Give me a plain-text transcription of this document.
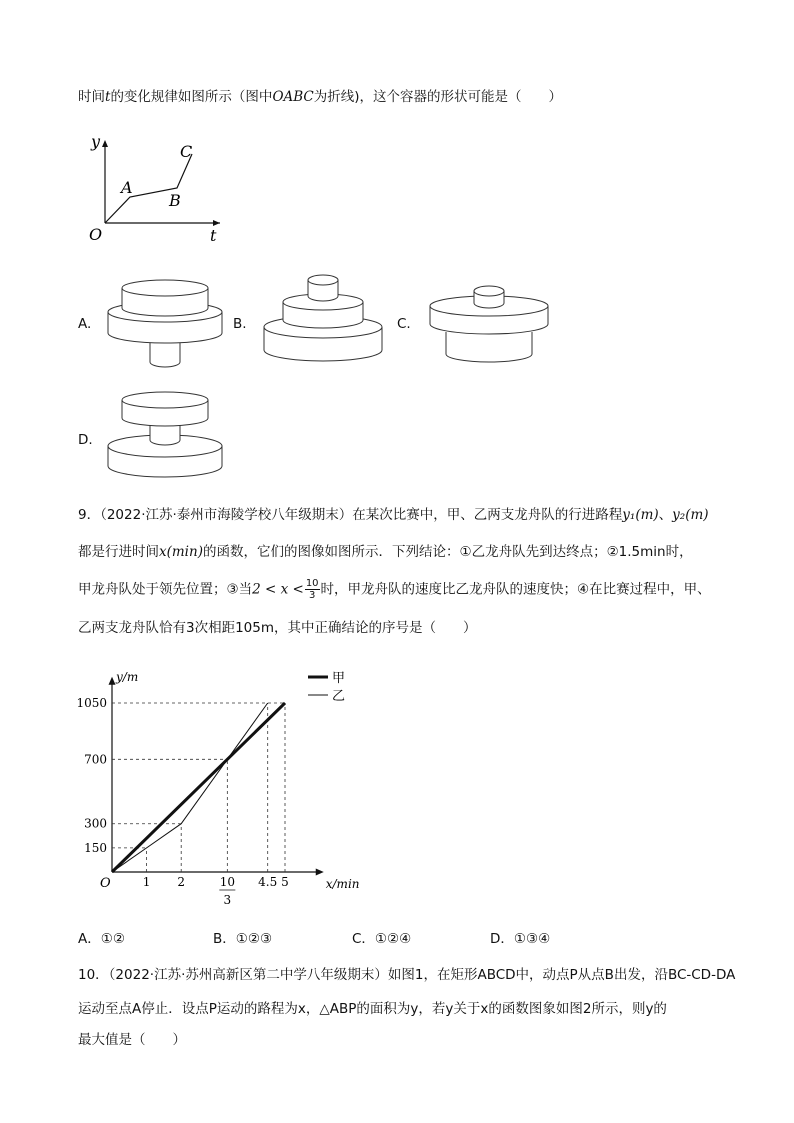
时间t的变化规律如图所示（图中OABC为折线)，这个容器的形状可能是（　　）
y
t
O
A
B
C
A.	B.	C.
D.
9．（2022·江苏·泰州市海陵学校八年级期末）在某次比赛中，甲、乙两支龙舟队的行进路程y₁(m)、y₂(m)
都是行进时间x(min)的函数，它们的图像如图所示．下列结论：①乙龙舟队先到达终点；②1.5min时，
甲龙舟队处于领先位置；③当$2 < x < \frac{10}{3}$ 时，甲龙舟队的速度比乙龙舟队的速度快；④在比赛过程中，甲、
乙两支龙舟队恰有3次相距105m，其中正确结论的序号是（　　）
y/m
x/min
O
150
300
700
1050
1 2	10
3
4.5 5
甲
乙
A．①②	B．①②③	C．①②④	D．①③④
10．（2022·江苏·苏州高新区第二中学八年级期末）如图1，在矩形ABCD中，动点P从点B出发，沿BC-CD-DA
运动至点A停止．设点P运动的路程为x，△ABP的面积为y，若y关于x的函数图象如图2所示，则y的
最大值是（　　）
